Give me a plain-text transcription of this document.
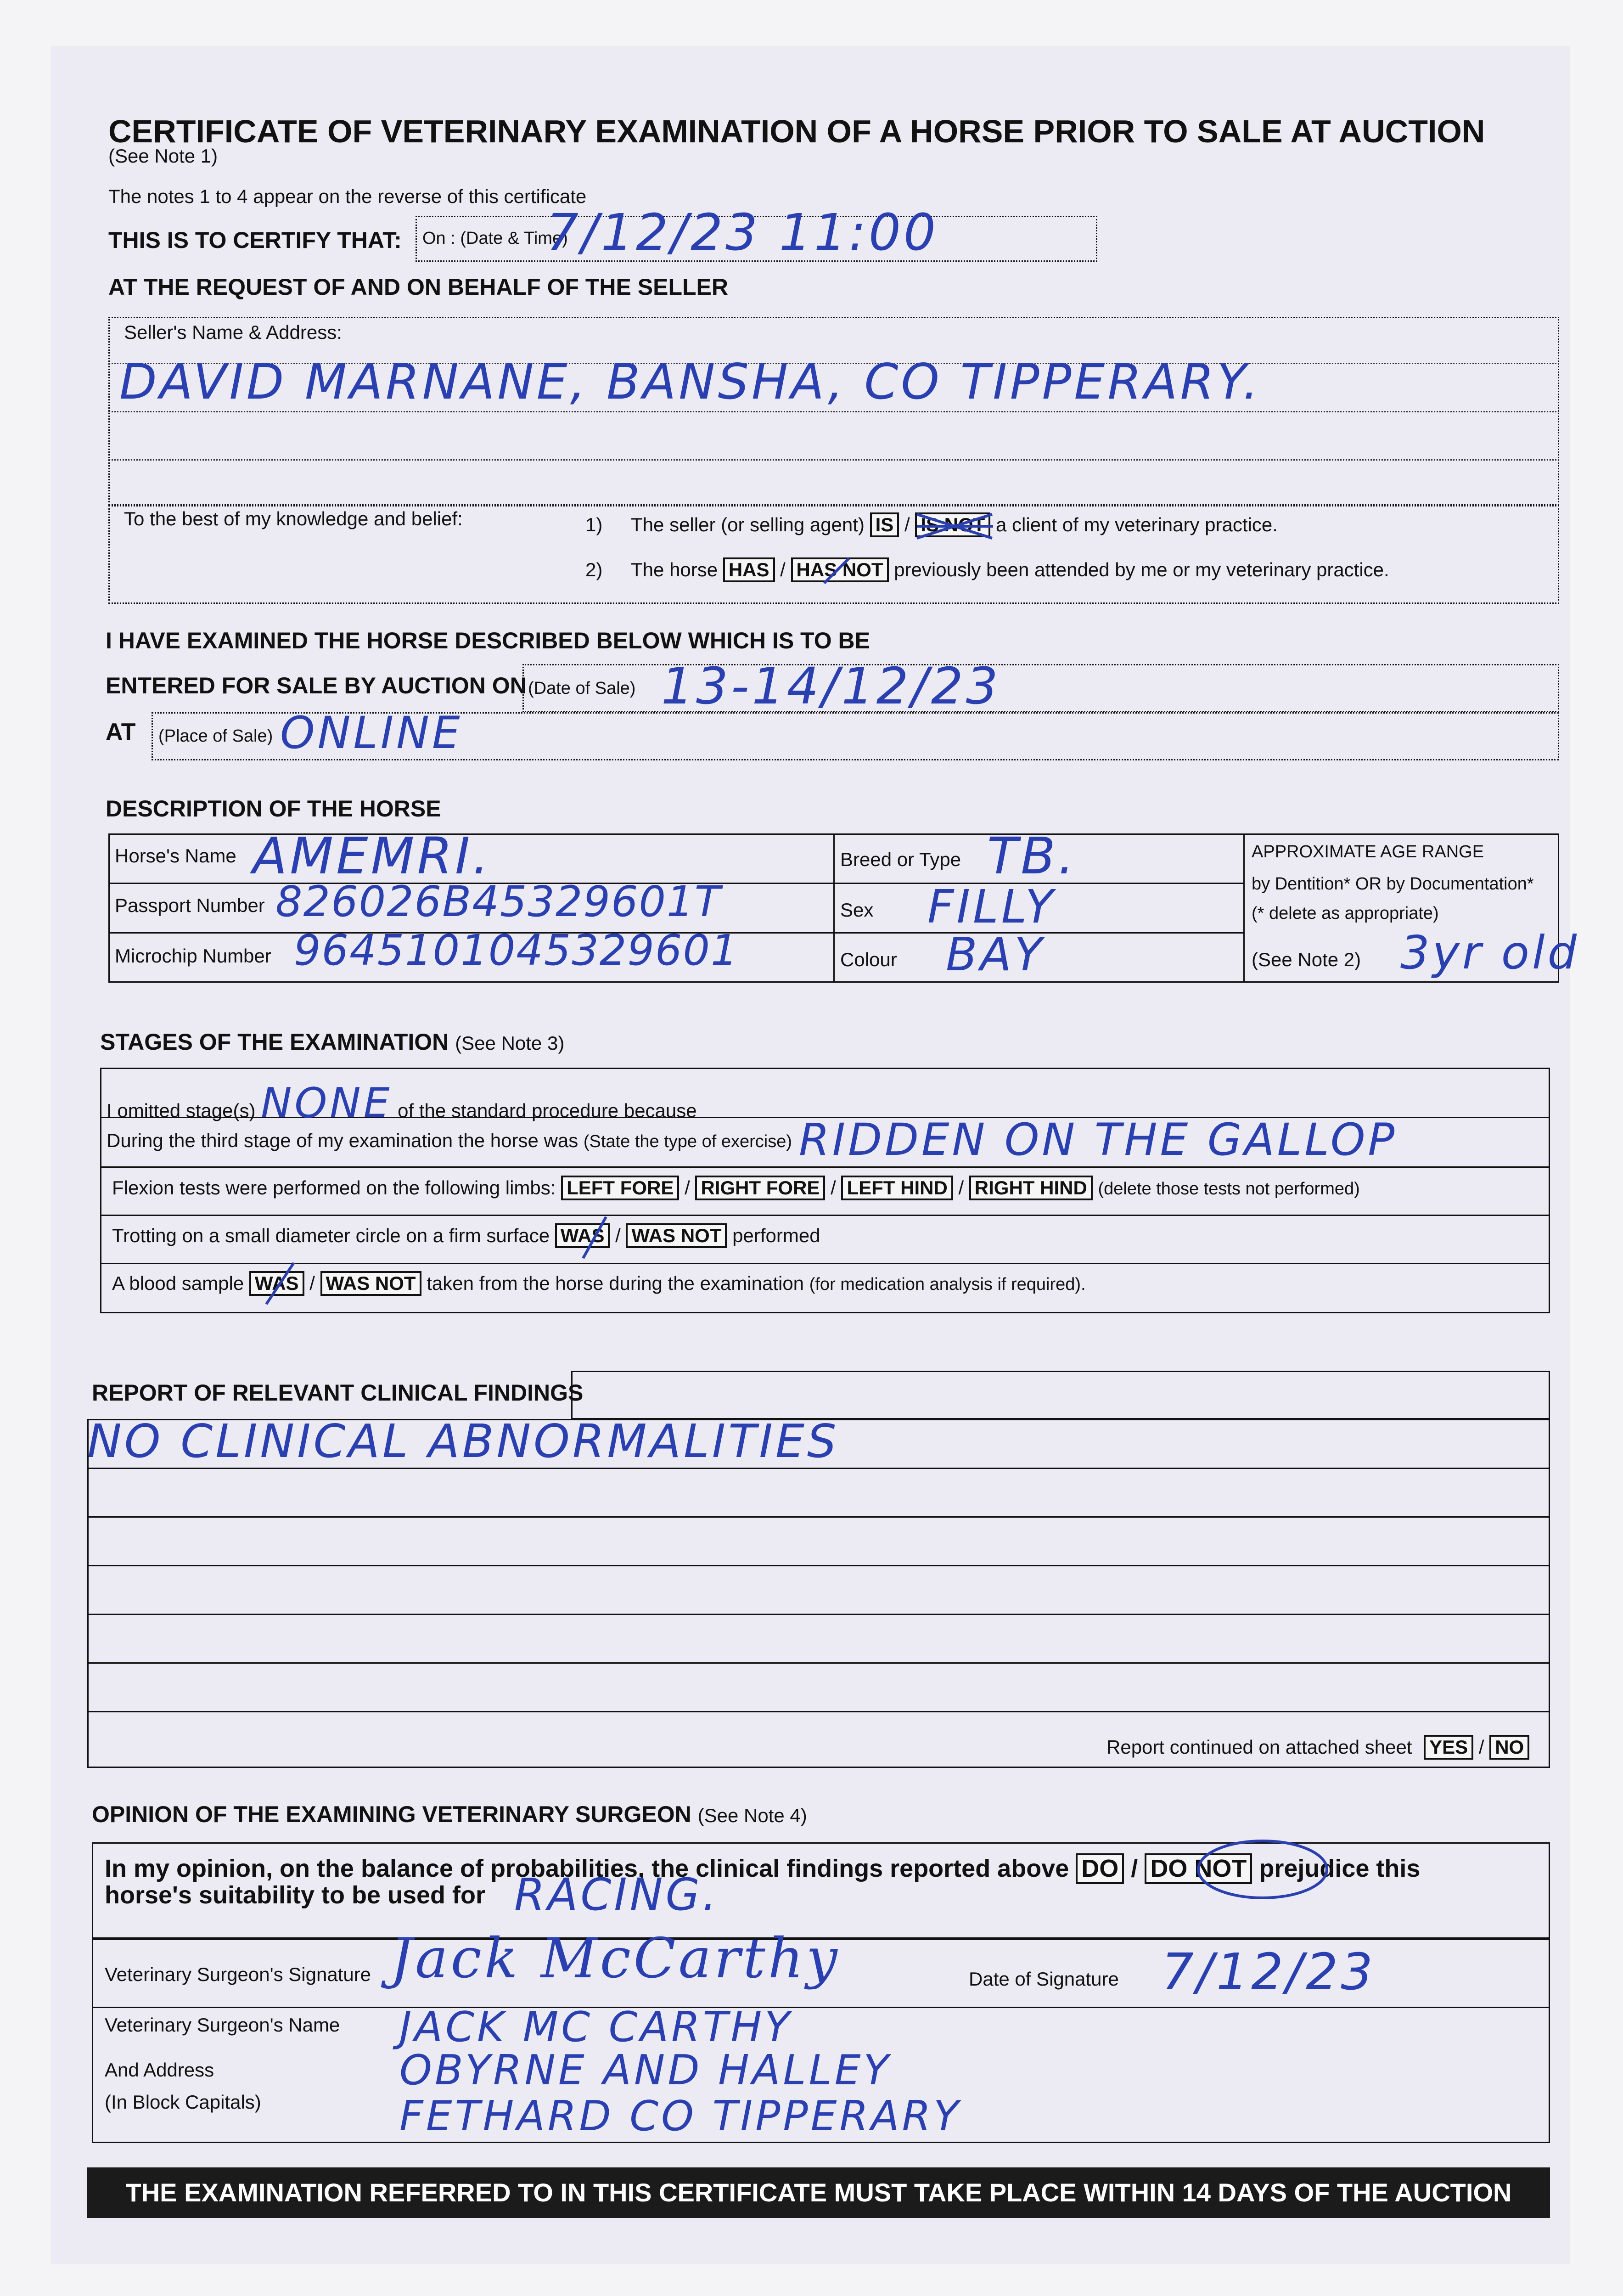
CERTIFICATE OF VETERINARY EXAMINATION OF A HORSE PRIOR TO SALE AT AUCTION
(See Note 1)
The notes 1 to 4 appear on the reverse of this certificate
THIS IS TO CERTIFY THAT: On : (Date & Time)
7/12/23 11:00
AT THE REQUEST OF AND ON BEHALF OF THE SELLER
Seller's Name & Address:
DAVID MARNANE, BANSHA, CO TIPPERARY.
To the best of my knowledge and belief:	1) The seller (or selling agent) IS / IS NOT a client of my veterinary practice.
2) The horse HAS / HAS NOT previously been attended by me or my veterinary practice.
I HAVE EXAMINED THE HORSE DESCRIBED BELOW WHICH IS TO BE
ENTERED FOR SALE BY AUCTION ON (Date of Sale) 13-14/12/23
AT (Place of Sale) ONLINE
DESCRIPTION OF THE HORSE
Horse's Name AMEMRI.
Passport Number 826026B45329601T
Microchip Number 9645101045329601
Breed or Type TB.
Sex FILLY
Colour BAY
APPROXIMATE AGE RANGE
by Dentition* OR by Documentation*
(* delete as appropriate)
(See Note 2) 3yr old
STAGES OF THE EXAMINATION (See Note 3)
I omitted stage(s) NONE of the standard procedure because
During the third stage of my examination the horse was (State the type of exercise) RIDDEN ON THE GALLOP
Flexion tests were performed on the following limbs: LEFT FORE / RIGHT FORE / LEFT HIND / RIGHT HIND (delete those tests not performed)
Trotting on a small diameter circle on a firm surface WAS / WAS NOT performed
A blood sample WAS / WAS NOT taken from the horse during the examination (for medication analysis if required).
REPORT OF RELEVANT CLINICAL FINDINGS
NO CLINICAL ABNORMALITIES
Report continued on attached sheet YES / NO
OPINION OF THE EXAMINING VETERINARY SURGEON (See Note 4)
In my opinion, on the balance of probabilities, the clinical findings reported above DO / DO NOT prejudice this
horse's suitability to be used for RACING.
Veterinary Surgeon's Signature Jack McCarthy	Date of Signature 7/12/23
Veterinary Surgeon's Name
And Address
(In Block Capitals)
JACK MC CARTHY
OBYRNE AND HALLEY
FETHARD CO TIPPERARY
THE EXAMINATION REFERRED TO IN THIS CERTIFICATE MUST TAKE PLACE WITHIN 14 DAYS OF THE AUCTION
